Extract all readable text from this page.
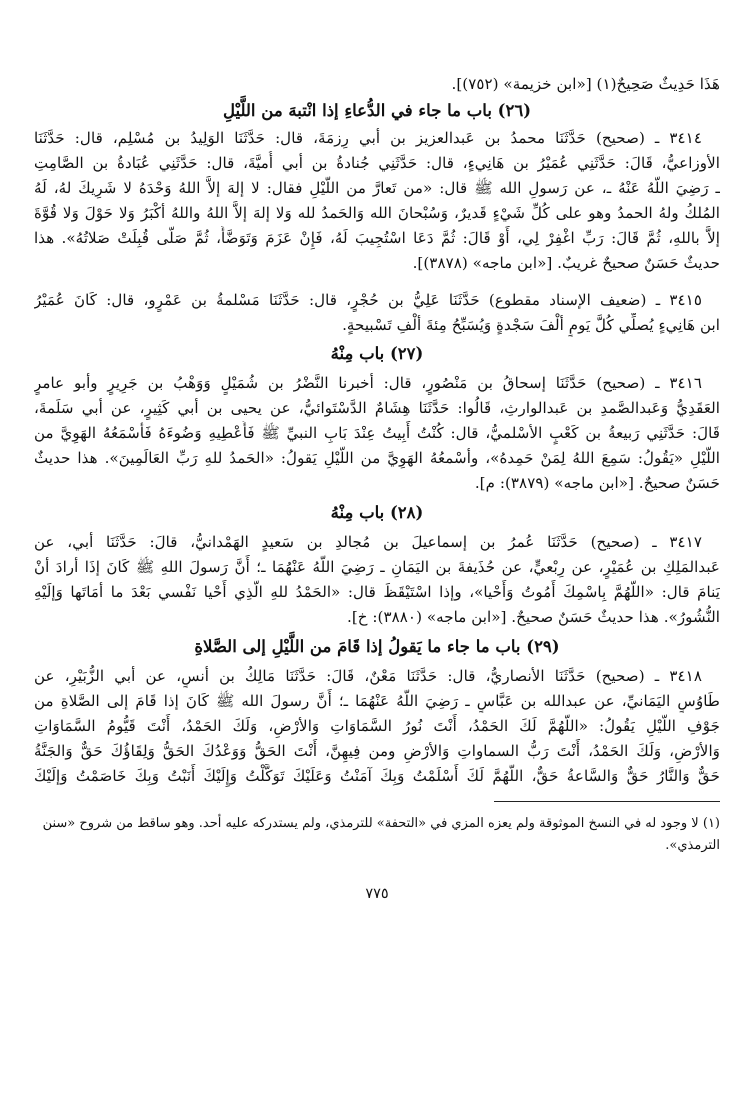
هَذَا حَدِيثٌ صَحِيحٌ(١) [«ابن خزيمة» (٧٥٢)].
(٢٦) باب ما جاء في الدُّعاءِ إذا انْتبهَ من اللَّيْلِ
٣٤١٤ ـ (صحيح) حَدَّثَنَا محمدُ بن عَبدالعزيز بن أبي رِزمَةَ، قال: حَدَّثَنَا الوَلِيدُ بن مُسْلِم، قال: حَدَّثَنَا
الأوزاعيُّ، قَالَ: حَدَّثَنِي عُمَيْرُ بن هَانِيءٍ، قال: حَدَّثَنِي جُنادةُ بن أبي أُميَّةَ، قال: حَدَّثَنِي عُبَادةُ بن الصَّامِتِ
ـ رَضِيَ اللَّهُ عَنْهُ ـ، عن رَسولِ الله ﷺ قال: «من تَعارَّ من اللَّيْلِ فقال: لا إلهَ إلاَّ اللهُ وَحْدَهُ لا شَرِيكَ لهُ، لَهُ
المُلكُ ولهُ الحمدُ وهو على كُلِّ شَيْءٍ قَديرٌ، وَسُبْحانَ الله وَالحَمدُ لله وَلا إلهَ إلاَّ اللهُ واللهُ أكْبَرُ وَلا حَوْلَ وَلا قُوَّةَ
إلاَّ باللهِ، ثُمَّ قَالَ: رَبِّ اغْفِرْ لِي، أَوْ قَالَ: ثُمَّ دَعَا اسْتُجِيبَ لَهُ، فَإِنْ عَزَمَ وَتَوَضَّأَ، ثُمَّ صَلَّى قُبِلَتْ صَلاتُهُ». هذا
حديثٌ حَسَنٌ صحيحٌ غريبٌ. [«ابن ماجه» (٣٨٧٨)].
٣٤١٥ ـ (ضعيف الإسناد مقطوع) حَدَّثَنَا عَلِيُّ بن حُجْرٍ، قال: حَدَّثَنَا مَسْلمةُ بن عَمْرٍو، قال: كَانَ عُمَيْرُ
ابن هَانِيءٍ يُصلِّي كُلَّ يَومٍ ألْفَ سَجْدةٍ وَيُسَبِّحُ مِئةَ ألْفِ تَسْبيحةٍ.
(٢٧) باب مِنْهُ
٣٤١٦ ـ (صحيح) حَدَّثَنَا إسحاقُ بن مَنْصُورٍ، قال: أخبرنا النَّضْرُ بن شُمَيْلٍ وَوَهْبُ بن جَرِيرٍ وأبو عامرٍ
العَقَدِيُّ وَعَبدالصَّمدِ بن عَبدالوارثِ، قَالُوا: حَدَّثَنَا هِشَامٌ الدَّسْتَوائيُّ، عن يحيى بن أبي كَثِيرٍ، عن أبي سَلَمةَ،
قَالَ: حَدَّثَنِي رَبيعةُ بن كَعْبٍ الأسْلميُّ، قال: كُنْتُ أَبِيتُ عِنْدَ بَابِ النبيِّ ﷺ فَأُعْطِيهِ وَضُوءَهُ فَأسْمَعُهُ الهَوِيَّ من
اللَّيْلِ «يَقُولُ: سَمِعَ اللهُ لِمَنْ حَمِدهُ»، وأسْمعُهُ الهَوِيَّ من اللَّيْلِ يَقولُ: «الحَمدُ للهِ رَبِّ العَالَمِينَ». هذا حديثٌ
حَسَنٌ صحيحٌ. [«ابن ماجه» (٣٨٧٩): م].
(٢٨) باب مِنْهُ
٣٤١٧ ـ (صحيح) حَدَّثَنَا عُمرُ بن إسماعيلَ بن مُجالدِ بن سَعيدٍ الهَمْدانيُّ، قالَ: حَدَّثَنَا أبي، عن
عَبدالمَلِكِ بن عُمَيْرٍ، عن رِبْعيٍّ، عن حُذَيفةَ بن اليَمَانِ ـ رَضِيَ اللَّهُ عَنْهُمَا ـ؛ أَنَّ رَسولَ اللهِ ﷺ كَانَ إذَا أرادَ أنْ
يَنامَ قال: «اللَّهُمَّ بِاسْمِكَ أَمُوتُ وَأَحْيا»، وإذا اسْتَيْقَظَ قال: «الحَمْدُ للهِ الَّذِي أَحْيا نَفْسي بَعْدَ ما أمَاتَها وَإلَيْهِ
النُّشُورُ». هذا حديثٌ حَسَنٌ صحيحٌ. [«ابن ماجه» (٣٨٨٠): خ].
(٢٩) باب ما جاء ما يَقولُ إذا قَامَ من اللَّيْلِ إلى الصَّلاةِ
٣٤١٨ ـ (صحيح) حَدَّثَنَا الأنصاريُّ، قال: حَدَّثَنَا مَعْنٌ، قَالَ: حَدَّثَنَا مَالِكُ بن أنسٍ، عن أبي الزُّبَيْرِ، عن
طَاوُسٍ اليَمَانيِّ، عن عبدالله بن عَبَّاسٍ ـ رَضِيَ اللَّهُ عَنْهُمَا ـ؛ أَنَّ رسولَ الله ﷺ كَانَ إذا قَامَ إلى الصَّلاةِ من
جَوْفِ اللَّيْلِ يَقُولُ: «اللَّهُمَّ لَكَ الحَمْدُ، أَنْتَ نُورُ السَّمَاوَاتِ وَالأرْضِ، وَلَكَ الحَمْدُ، أَنْتَ قَيُّومُ السَّمَاوَاتِ
وَالأرْضِ، وَلَكَ الحَمْدُ، أَنْتَ رَبُّ السماواتِ وَالأرْضِ ومن فِيهِنَّ، أَنْتَ الحَقُّ وَوَعْدُكَ الحَقُّ وَلِقَاؤُكَ حَقٌّ وَالجَنَّةُ
حَقٌّ وَالنَّارُ حَقٌّ وَالسَّاعةُ حَقٌّ، اللَّهُمَّ لَكَ أَسْلَمْتُ وَبِكَ آمَنْتُ وَعَلَيْكَ تَوَكَّلْتُ وَإِلَيْكَ أَنَبْتُ وَبِكَ خَاصَمْتُ وَإلَيْكَ
(١) لا وجود له في النسخ الموثوقة ولم يعزه المزي في «التحفة» للترمذي، ولم يستدركه عليه أحد. وهو ساقط من شروح «سنن
الترمذي».
٧٧٥
